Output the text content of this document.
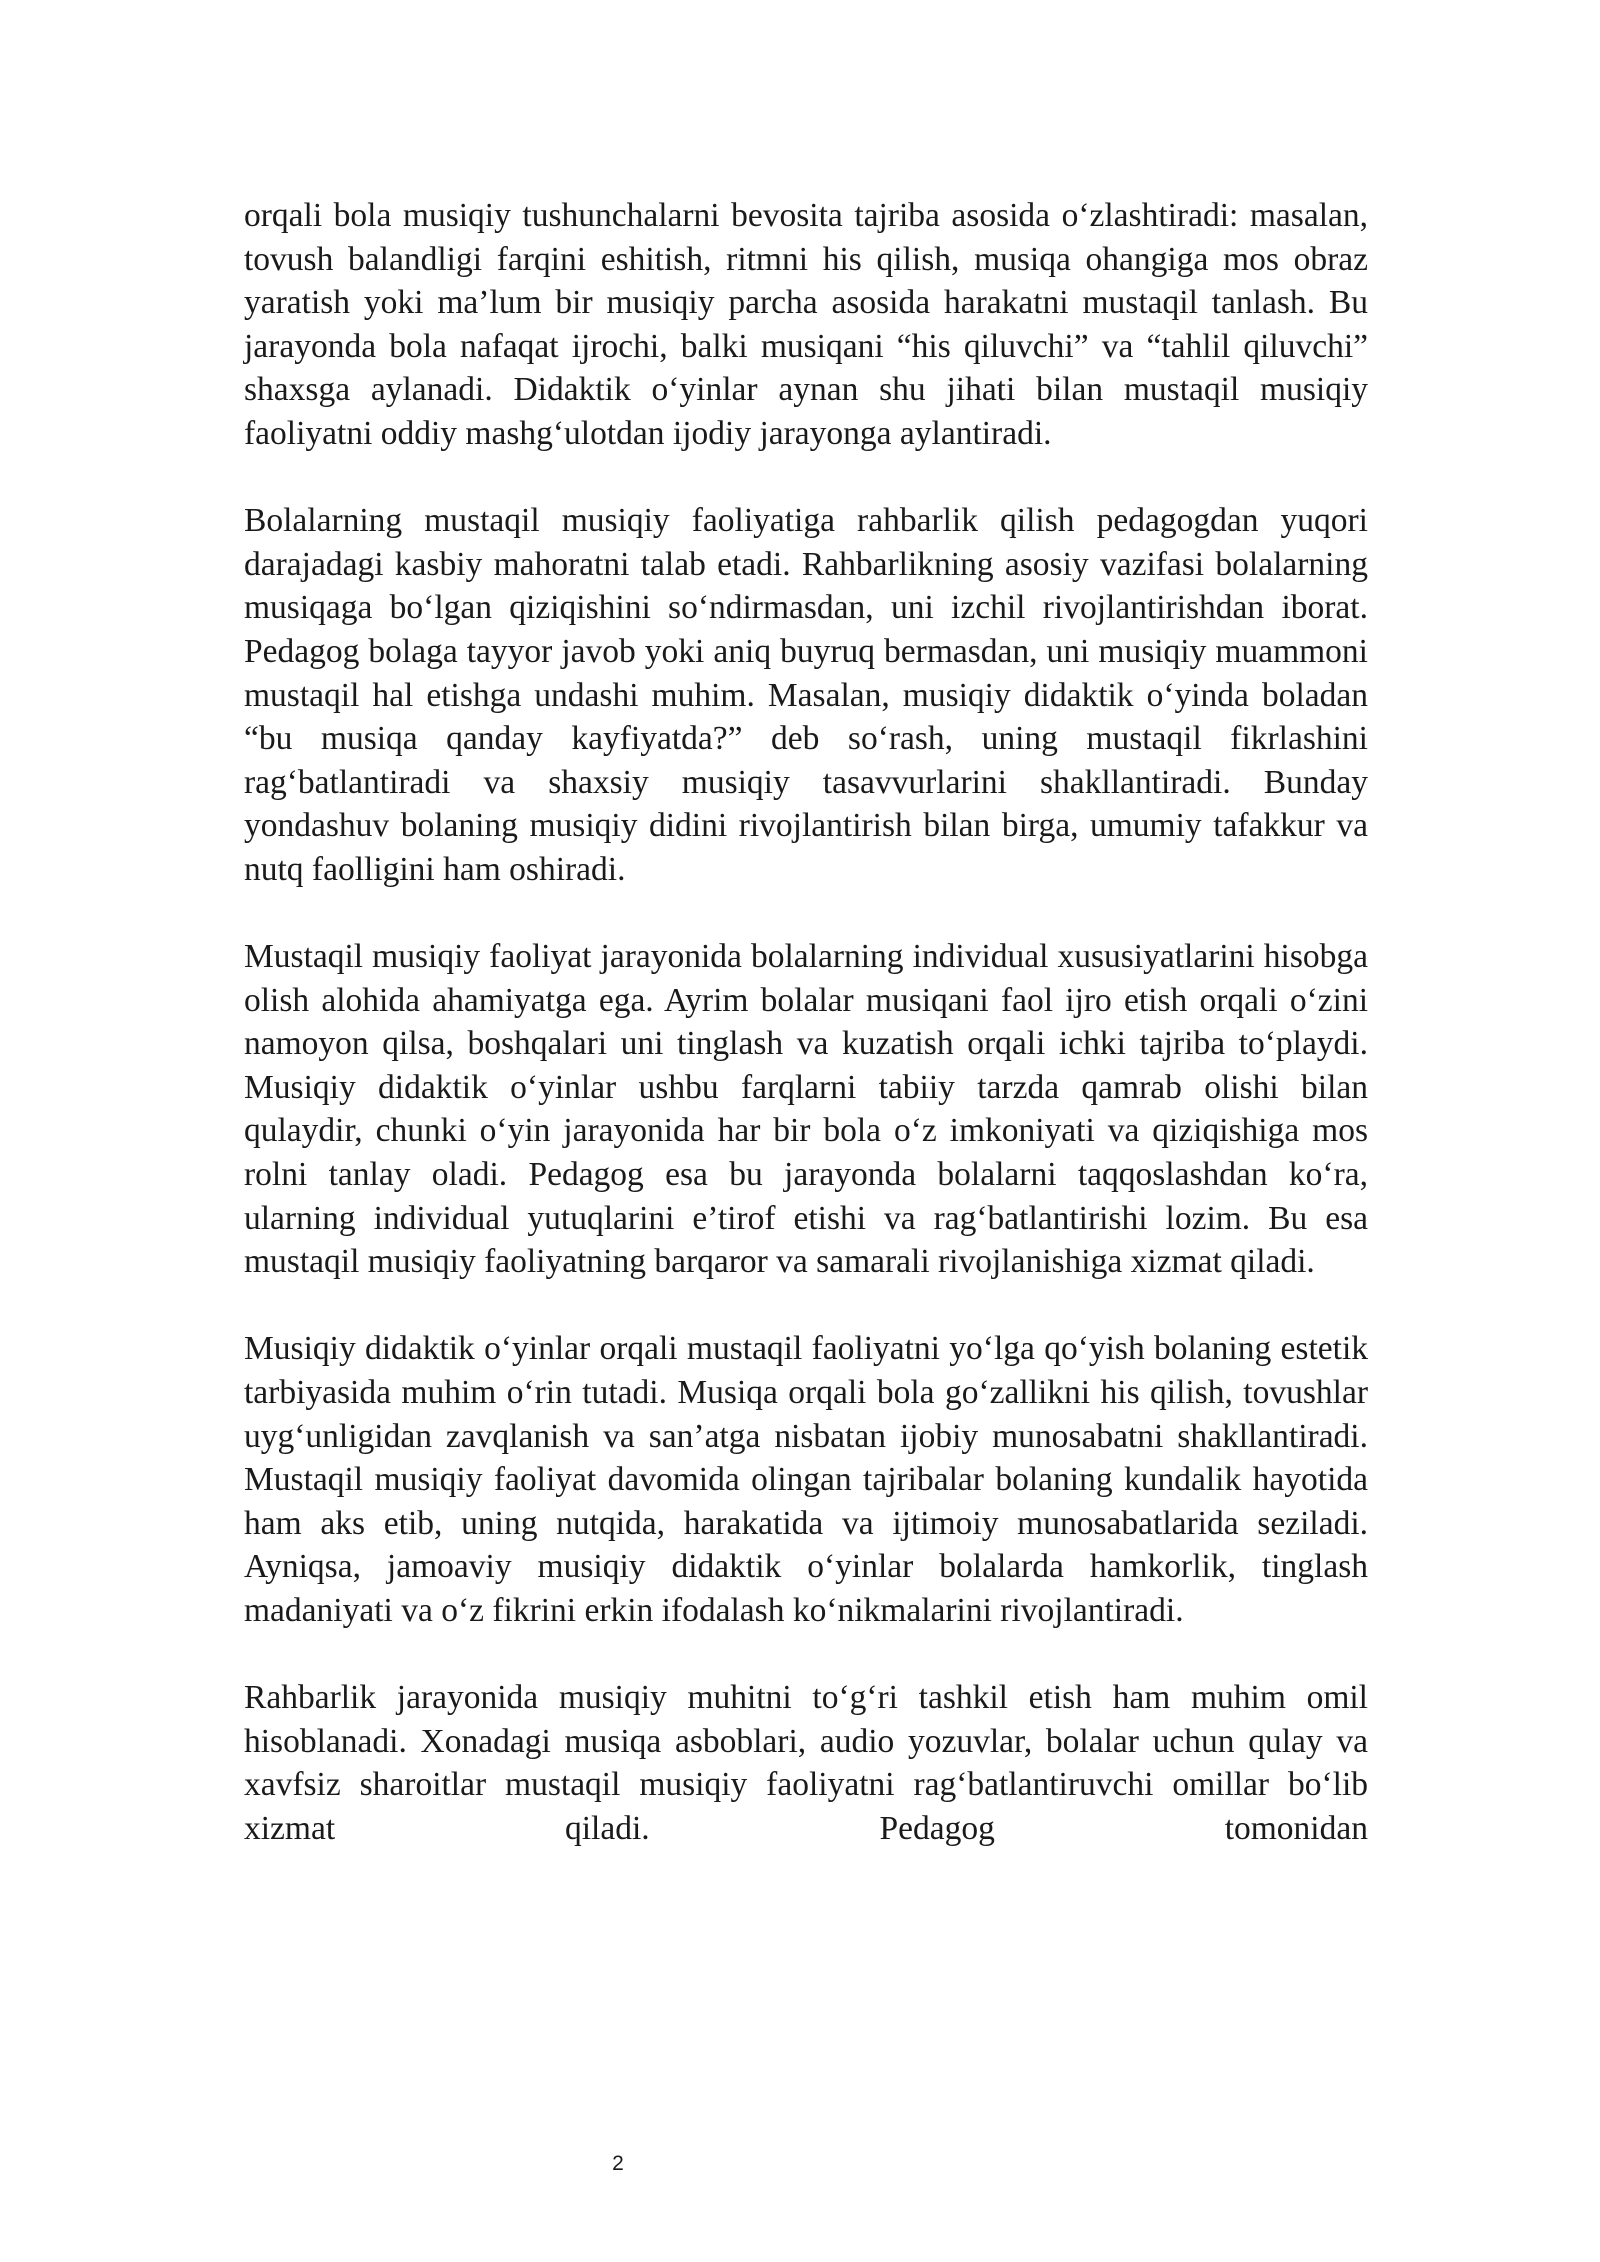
orqali bola musiqiy tushunchalarni bevosita tajriba asosida o‘zlashtiradi: masalan, tovush balandligi farqini eshitish, ritmni his qilish, musiqa ohangiga mos obraz yaratish yoki ma’lum bir musiqiy parcha asosida harakatni mustaqil tanlash. Bu jarayonda bola nafaqat ijrochi, balki musiqani “his qiluvchi” va “tahlil qiluvchi” shaxsga aylanadi. Didaktik o‘yinlar aynan shu jihati bilan mustaqil musiqiy faoliyatni oddiy mashg‘ulotdan ijodiy jarayonga aylantiradi.

Bolalarning mustaqil musiqiy faoliyatiga rahbarlik qilish pedagogdan yuqori darajadagi kasbiy mahoratni talab etadi. Rahbarlikning asosiy vazifasi bolalarning musiqaga bo‘lgan qiziqishini so‘ndirmasdan, uni izchil rivojlantirishdan iborat. Pedagog bolaga tayyor javob yoki aniq buyruq bermasdan, uni musiqiy muammoni mustaqil hal etishga undashi muhim. Masalan, musiqiy didaktik o‘yinda boladan “bu musiqa qanday kayfiyatda?” deb so‘rash, uning mustaqil fikrlashini rag‘batlantiradi va shaxsiy musiqiy tasavvurlarini shakllantiradi. Bunday yondashuv bolaning musiqiy didini rivojlantirish bilan birga, umumiy tafakkur va nutq faolligini ham oshiradi.

Mustaqil musiqiy faoliyat jarayonida bolalarning individual xususiyatlarini hisobga olish alohida ahamiyatga ega. Ayrim bolalar musiqani faol ijro etish orqali o‘zini namoyon qilsa, boshqalari uni tinglash va kuzatish orqali ichki tajriba to‘playdi. Musiqiy didaktik o‘yinlar ushbu farqlarni tabiiy tarzda qamrab olishi bilan qulaydir, chunki o‘yin jarayonida har bir bola o‘z imkoniyati va qiziqishiga mos rolni tanlay oladi. Pedagog esa bu jarayonda bolalarni taqqoslashdan ko‘ra, ularning individual yutuqlarini e’tirof etishi va rag‘batlantirishi lozim. Bu esa mustaqil musiqiy faoliyatning barqaror va samarali rivojlanishiga xizmat qiladi.

Musiqiy didaktik o‘yinlar orqali mustaqil faoliyatni yo‘lga qo‘yish bolaning estetik tarbiyasida muhim o‘rin tutadi. Musiqa orqali bola go‘zallikni his qilish, tovushlar uyg‘unligidan zavqlanish va san’atga nisbatan ijobiy munosabatni shakllantiradi. Mustaqil musiqiy faoliyat davomida olingan tajribalar bolaning kundalik hayotida ham aks etib, uning nutqida, harakatida va ijtimoiy munosabatlarida seziladi. Ayniqsa, jamoaviy musiqiy didaktik o‘yinlar bolalarda hamkorlik, tinglash madaniyati va o‘z fikrini erkin ifodalash ko‘nikmalarini rivojlantiradi.

Rahbarlik jarayonida musiqiy muhitni to‘g‘ri tashkil etish ham muhim omil hisoblanadi. Xonadagi musiqa asboblari, audio yozuvlar, bolalar uchun qulay va xavfsiz sharoitlar mustaqil musiqiy faoliyatni rag‘batlantiruvchi omillar bo‘lib xizmat qiladi. Pedagog tomonidan

2
